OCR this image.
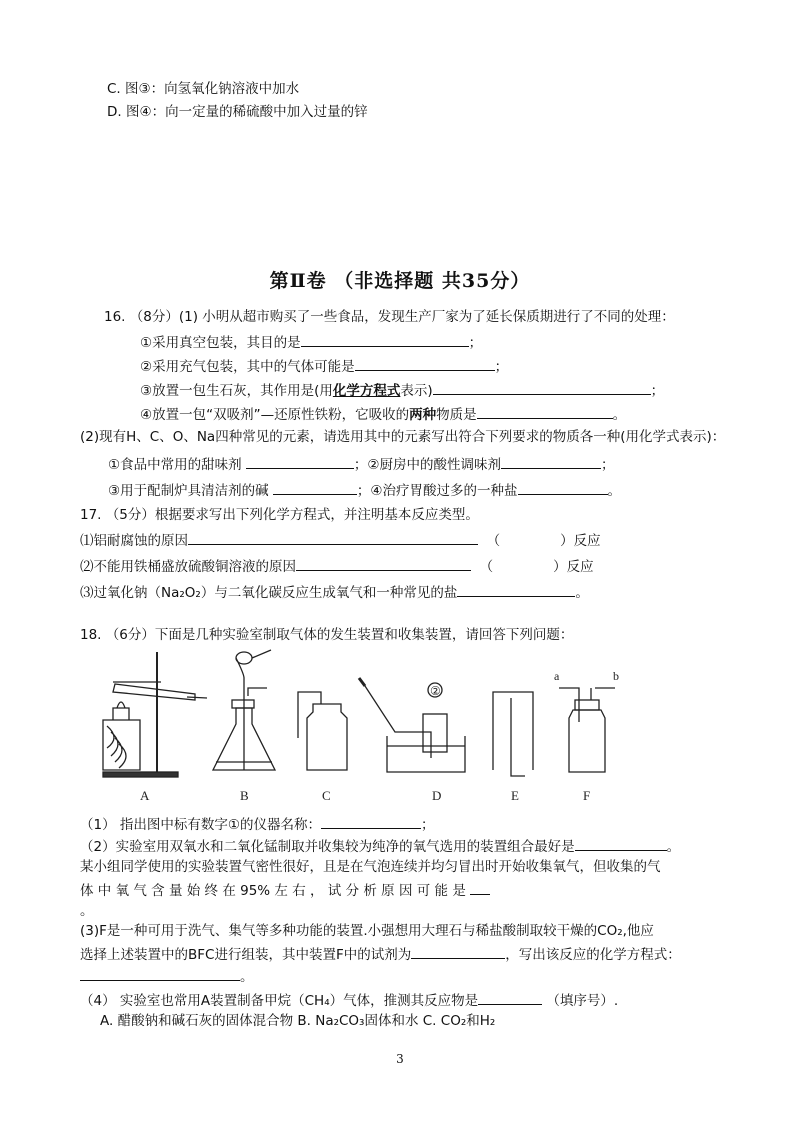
C. 图③：向氢氧化钠溶液中加水
D. 图④：向一定量的稀硫酸中加入过量的锌
第Ⅱ卷 （非选择题 共35分）
16. （8分）(1) 小明从超市购买了一些食品，发现生产厂家为了延长保质期进行了不同的处理：
①采用真空包装，其目的是	；
②采用充气包装，其中的气体可能是	；
③放置一包生石灰，其作用是(用化学方程式表示)	；
④放置一包“双吸剂”—还原性铁粉，它吸收的两种物质是	。
(2)现有H、C、O、Na四种常见的元素，请选用其中的元素写出符合下列要求的物质各一种(用化学式表示)：
①食品中常用的甜味剂	；②厨房中的酸性调味剂	；
③用于配制炉具清洁剂的碱	；④治疗胃酸过多的一种盐	。
17. （5分）根据要求写出下列化学方程式，并注明基本反应类型。
⑴铝耐腐蚀的原因	（	）反应
⑵不能用铁桶盛放硫酸铜溶液的原因	（	）反应
⑶过氧化钠（Na₂O₂）与二氧化碳反应生成氧气和一种常见的盐	。
18. （6分）下面是几种实验室制取气体的发生装置和收集装置，请回答下列问题：
A	B	C	D	E	F
②
a	b
（1） 指出图中标有数字①的仪器名称：	；
（2）实验室用双氧水和二氧化锰制取并收集较为纯净的氧气选用的装置组合最好是	。
某小组同学使用的实验装置气密性很好，且是在气泡连续并均匀冒出时开始收集氧气，但收集的气
体 中 氧 气 含 量 始 终 在 95% 左 右 ， 试 分 析 原 因 可 能 是
。
(3)F是一种可用于洗气、集气等多种功能的装置.小强想用大理石与稀盐酸制取较干燥的CO₂,他应
选择上述装置中的BFC进行组装，其中装置F中的试剂为	，写出该反应的化学方程式：
。
（4） 实验室也常用A装置制备甲烷（CH₄）气体，推测其反应物是	（填序号）.
A. 醋酸钠和碱石灰的固体混合物 B. Na₂CO₃固体和水 C. CO₂和H₂
3
